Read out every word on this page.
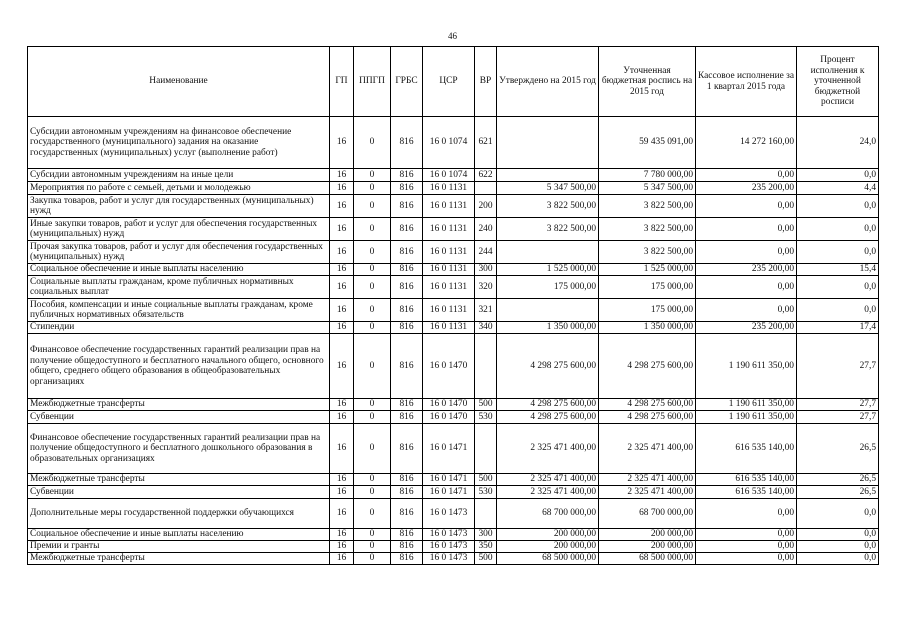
46
Наименование	ГП	ППГП	ГРБС	ЦСР	ВР	Утверждено на 2015 год	Уточненная бюджетная роспись на 2015 год	Кассовое исполнение за 1 квартал 2015 года	Процент исполнения к уточненной бюджетной росписи
Субсидии автономным учреждениям на финансовое обеспечение государственного (муниципального) задания на оказание государственных (муниципальных) услуг (выполнение работ)	16	0	816	16 0 1074	621		59 435 091,00	14 272 160,00	24,0
Субсидии автономным учреждениям на иные цели	16	0	816	16 0 1074	622		7 780 000,00	0,00	0,0
Мероприятия по работе с семьей, детьми и молодежью	16	0	816	16 0 1131		5 347 500,00	5 347 500,00	235 200,00	4,4
Закупка товаров, работ и услуг для государственных (муниципальных) нужд	16	0	816	16 0 1131	200	3 822 500,00	3 822 500,00	0,00	0,0
Иные закупки товаров, работ и услуг для обеспечения государственных (муниципальных) нужд	16	0	816	16 0 1131	240	3 822 500,00	3 822 500,00	0,00	0,0
Прочая закупка товаров, работ и услуг для обеспечения государственных (муниципальных) нужд	16	0	816	16 0 1131	244		3 822 500,00	0,00	0,0
Социальное обеспечение и иные выплаты населению	16	0	816	16 0 1131	300	1 525 000,00	1 525 000,00	235 200,00	15,4
Социальные выплаты гражданам, кроме публичных нормативных социальных выплат	16	0	816	16 0 1131	320	175 000,00	175 000,00	0,00	0,0
Пособия, компенсации и иные социальные выплаты гражданам, кроме публичных нормативных обязательств	16	0	816	16 0 1131	321		175 000,00	0,00	0,0
Стипендии	16	0	816	16 0 1131	340	1 350 000,00	1 350 000,00	235 200,00	17,4
Финансовое обеспечение государственных гарантий реализации прав на получение общедоступного и бесплатного начального общего, основного общего, среднего общего образования в общеобразовательных организациях	16	0	816	16 0 1470		4 298 275 600,00	4 298 275 600,00	1 190 611 350,00	27,7
Межбюджетные трансферты	16	0	816	16 0 1470	500	4 298 275 600,00	4 298 275 600,00	1 190 611 350,00	27,7
Субвенции	16	0	816	16 0 1470	530	4 298 275 600,00	4 298 275 600,00	1 190 611 350,00	27,7
Финансовое обеспечение государственных гарантий реализации прав на получение общедоступного и бесплатного дошкольного образования в образовательных организациях	16	0	816	16 0 1471		2 325 471 400,00	2 325 471 400,00	616 535 140,00	26,5
Межбюджетные трансферты	16	0	816	16 0 1471	500	2 325 471 400,00	2 325 471 400,00	616 535 140,00	26,5
Субвенции	16	0	816	16 0 1471	530	2 325 471 400,00	2 325 471 400,00	616 535 140,00	26,5
Дополнительные меры государственной поддержки обучающихся	16	0	816	16 0 1473		68 700 000,00	68 700 000,00	0,00	0,0
Социальное обеспечение и иные выплаты населению	16	0	816	16 0 1473	300	200 000,00	200 000,00	0,00	0,0
Премии и гранты	16	0	816	16 0 1473	350	200 000,00	200 000,00	0,00	0,0
Межбюджетные трансферты	16	0	816	16 0 1473	500	68 500 000,00	68 500 000,00	0,00	0,0
